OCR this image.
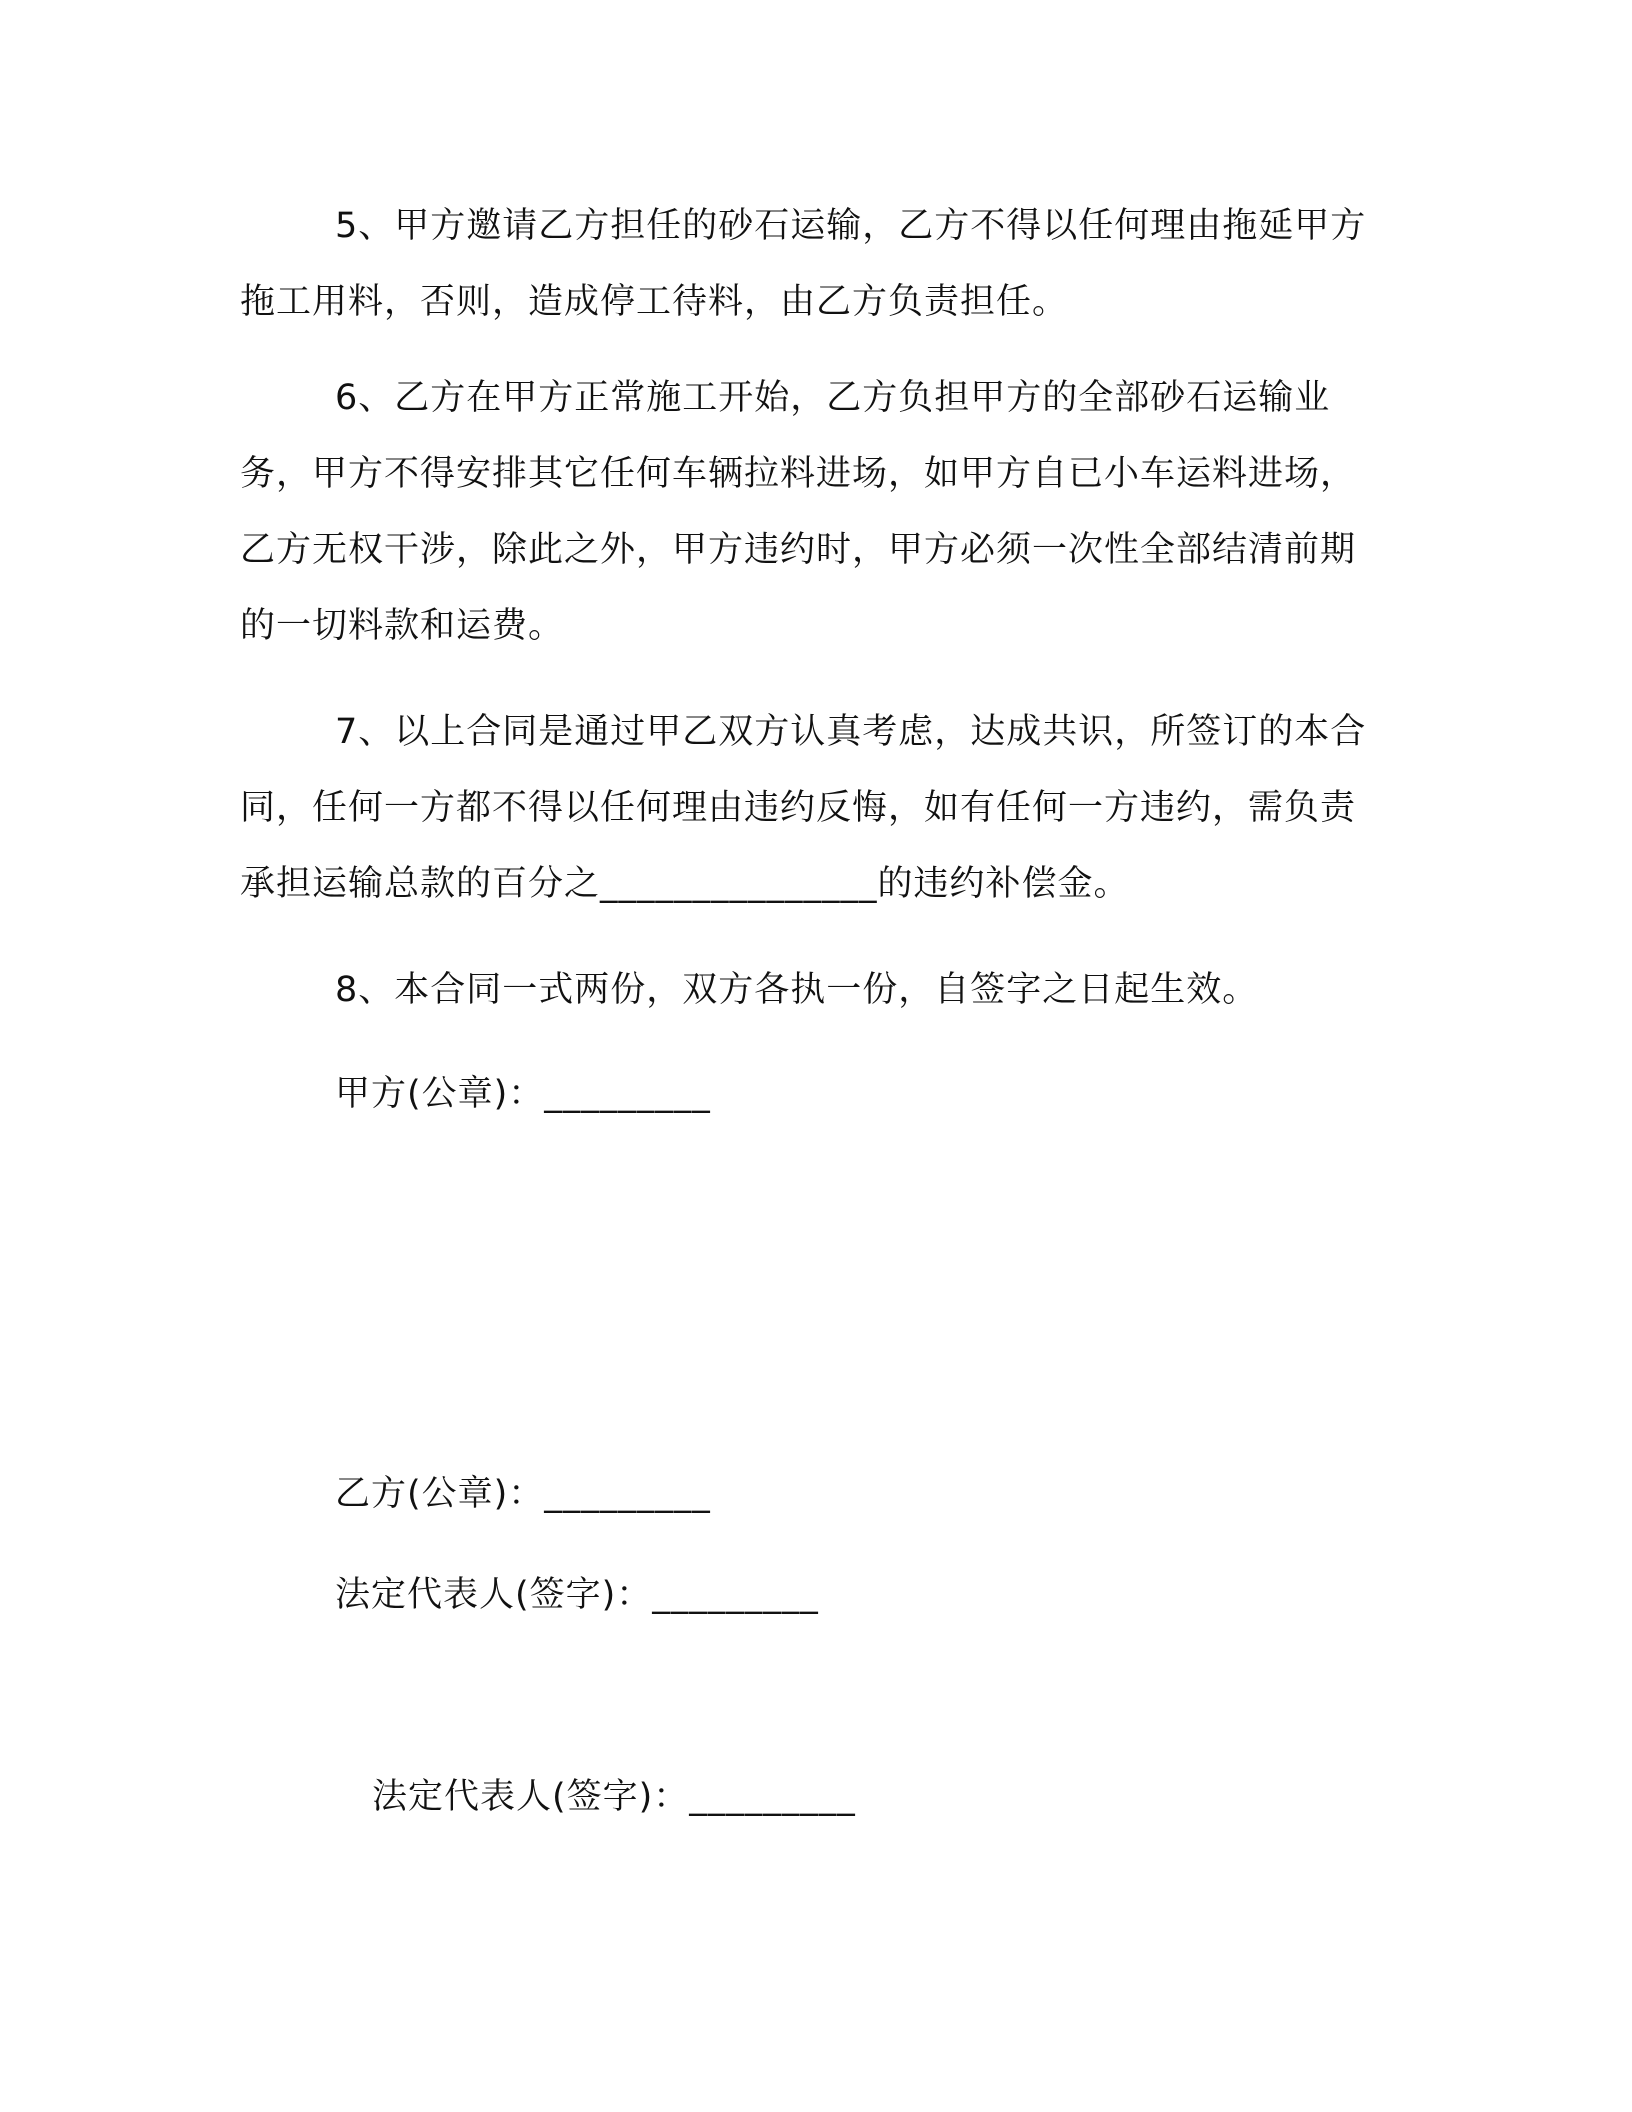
5、甲方邀请乙方担任的砂石运输，乙方不得以任何理由拖延甲方拖工用料，否则，造成停工待料，由乙方负责担任。

6、乙方在甲方正常施工开始，乙方负担甲方的全部砂石运输业务，甲方不得安排其它任何车辆拉料进场，如甲方自已小车运料进场，乙方无权干涉，除此之外，甲方违约时，甲方必须一次性全部结清前期的一切料款和运费。

7、以上合同是通过甲乙双方认真考虑，达成共识，所签订的本合同，任何一方都不得以任何理由违约反悔，如有任何一方违约，需负责承担运输总款的百分之_______________的违约补偿金。

8、本合同一式两份，双方各执一份，自签字之日起生效。

甲方(公章)：_________

乙方(公章)：_________

法定代表人(签字)：_________

法定代表人(签字)：_________
